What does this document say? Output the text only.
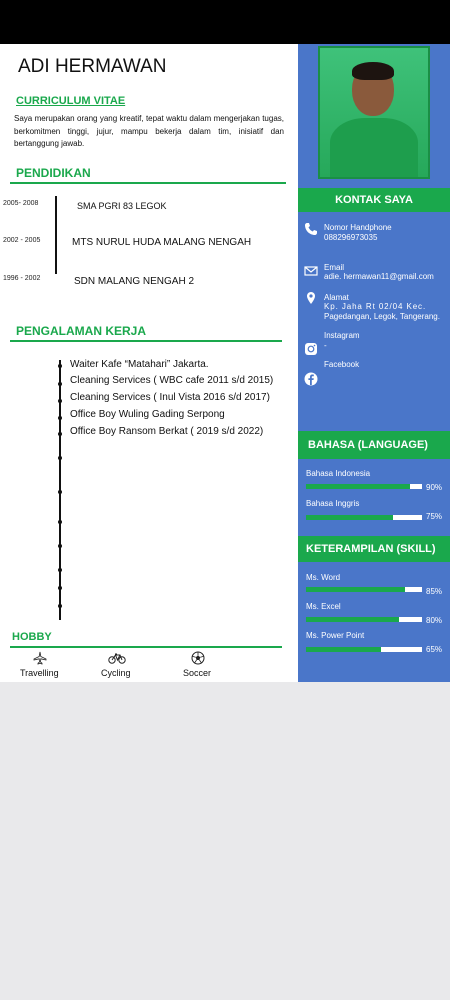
ADI HERMAWAN
CURRICULUM VITAE
Saya merupakan orang yang kreatif, tepat waktu dalam mengerjakan tugas, berkomitmen tinggi, jujur, mampu bekerja dalam tim, inisiatif dan bertanggung jawab.
PENDIDIKAN
2005- 2008	SMA PGRI 83 LEGOK
2002 - 2005	MTS NURUL HUDA MALANG NENGAH
1996 - 2002	SDN MALANG NENGAH 2
PENGALAMAN KERJA
Waiter Kafe “Matahari” Jakarta.
Cleaning Services ( WBC cafe 2011 s/d 2015)
Cleaning Services ( Inul Vista 2016 s/d 2017)
Office Boy Wuling Gading Serpong
Office Boy Ransom Berkat ( 2019 s/d 2022)
HOBBY
Travelling	Cycling	Soccer
KONTAK SAYA
Nomor Handphone
088296973035
Email
adie. hermawan11@gmail.com
Alamat
Kp. Jaha Rt 02/04 Kec.
Pagedangan, Legok, Tangerang.
Instagram
-
Facebook
BAHASA (LANGUAGE)
Bahasa Indonesia
90%
Bahasa Inggris
75%
KETERAMPILAN (SKILL)
Ms. Word
85%
Ms. Excel
80%
Ms. Power Point
65%
